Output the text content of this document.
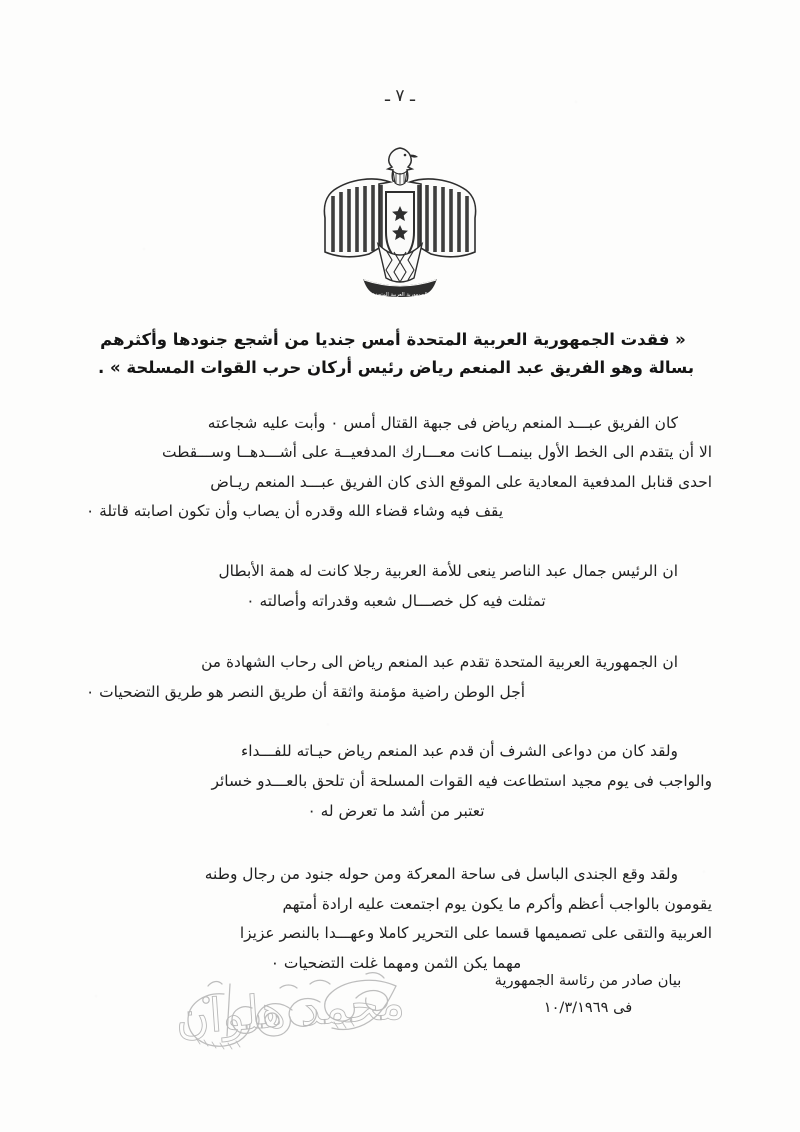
ـ ٧ ـ
الجمهورية العربية المتحدة
« فقدت الجمهورية العربية المتحدة أمس جنديا من أشجع جنودها وأكثرهم
بسالة وهو الفريق عبد المنعم رياض رئيس أركان حرب القوات المسلحة » .

كان الفريق عبـــد المنعم رياض فى جبهة القتال أمس ٠ وأبت عليه شجاعته
الا أن يتقدم الى الخط الأول بينمــا كانت معـــارك المدفعيــة على أشـــدهــا وســـقطت
احدى قنابل المدفعية المعادية على الموقع الذى كان الفريق عبـــد المنعم ريـاض
يقف فيه وشاء قضاء الله وقدره أن يصاب وأن تكون اصابته قاتلة ٠

ان الرئيس جمال عبد الناصر ينعى للأمة العربية رجلا كانت له همة الأبطال
تمثلت فيه كل خصـــال شعبه وقدراته وأصالته ٠

ان الجمهورية العربية المتحدة تقدم عبد المنعم رياض الى رحاب الشهادة من
أجل الوطن راضية مؤمنة واثقة أن طريق النصر هو طريق التضحيات ٠

ولقد كان من دواعى الشرف أن قدم عبد المنعم رياض حيـاته للفـــداء
والواجب فى يوم مجيد استطاعت فيه القوات المسلحة أن تلحق بالعـــدو خسائر
تعتبر من أشد ما تعرض له ٠

ولقد وقع الجندى الباسل فى ساحة المعركة ومن حوله جنود من رجال وطنه
يقومون بالواجب أعظم وأكرم ما يكون يوم اجتمعت عليه ارادة أمتهم
العربية والتقى على تصميمها قسما على التحرير كاملا وعهـــدا بالنصر عزيزا
مهما يكن الثمن ومهما غلت التضحيات ٠

بيان صادر من رئاسة الجمهورية
فى ١٠/٣/١٩٦٩
محمد هلوان
